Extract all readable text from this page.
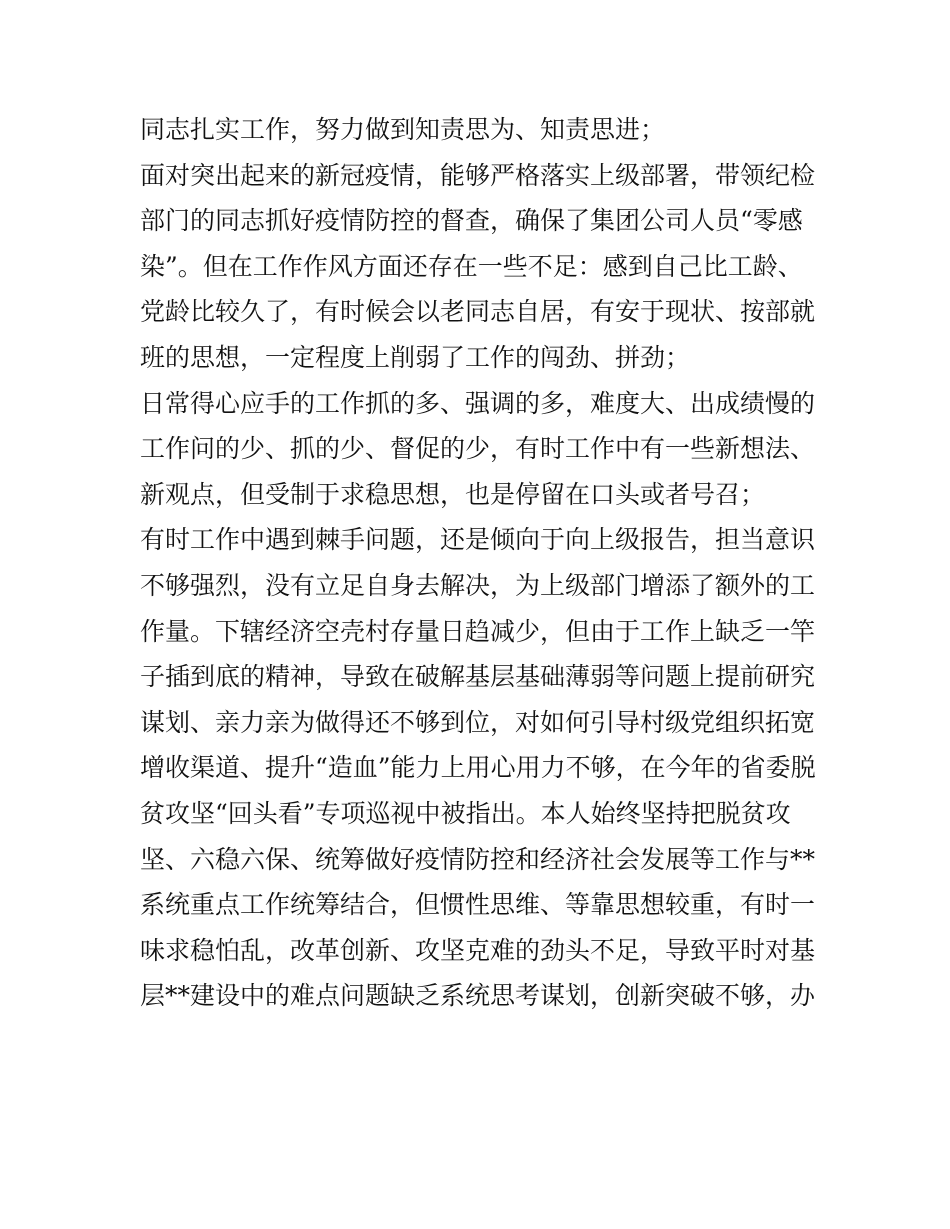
同志扎实工作，努力做到知责思为、知责思进；
面对突出起来的新冠疫情，能够严格落实上级部署，带领纪检
部门的同志抓好疫情防控的督查，确保了集团公司人员“零感
染”。但在工作作风方面还存在一些不足：感到自己比工龄、
党龄比较久了，有时候会以老同志自居，有安于现状、按部就
班的思想，一定程度上削弱了工作的闯劲、拼劲；
日常得心应手的工作抓的多、强调的多，难度大、出成绩慢的
工作问的少、抓的少、督促的少，有时工作中有一些新想法、
新观点，但受制于求稳思想，也是停留在口头或者号召；
有时工作中遇到棘手问题，还是倾向于向上级报告，担当意识
不够强烈，没有立足自身去解决，为上级部门增添了额外的工
作量。下辖经济空壳村存量日趋减少，但由于工作上缺乏一竿
子插到底的精神，导致在破解基层基础薄弱等问题上提前研究
谋划、亲力亲为做得还不够到位，对如何引导村级党组织拓宽
增收渠道、提升“造血”能力上用心用力不够，在今年的省委脱
贫攻坚“回头看”专项巡视中被指出。本人始终坚持把脱贫攻
坚、六稳六保、统筹做好疫情防控和经济社会发展等工作与**
系统重点工作统筹结合，但惯性思维、等靠思想较重，有时一
味求稳怕乱，改革创新、攻坚克难的劲头不足，导致平时对基
层**建设中的难点问题缺乏系统思考谋划，创新突破不够，办
